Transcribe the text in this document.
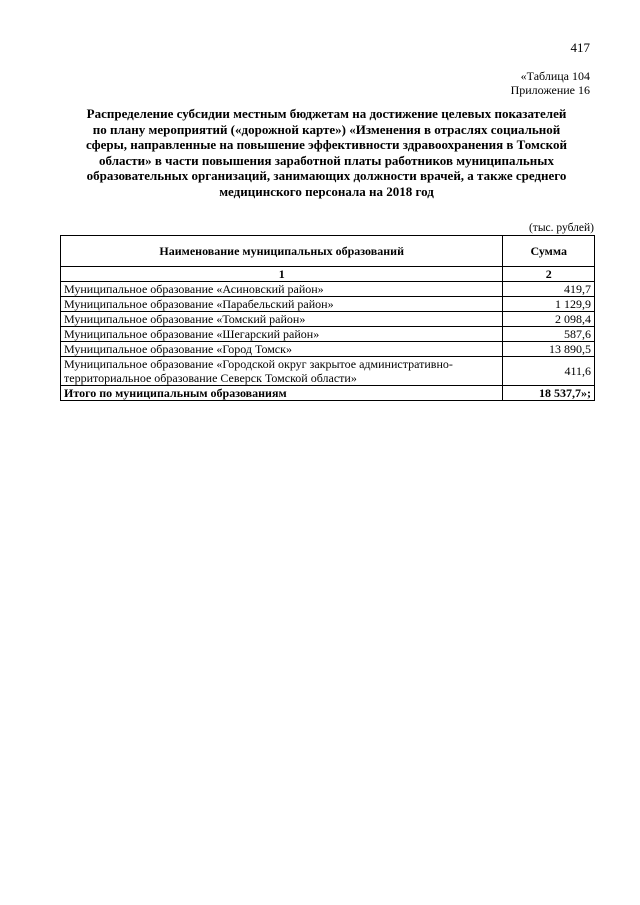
417
«Таблица 104
Приложение 16
Распределение субсидии местным бюджетам на достижение целевых показателей
по плану мероприятий («дорожной карте») «Изменения в отраслях социальной
сферы, направленные на повышение эффективности здравоохранения в Томской
области» в части повышения заработной платы работников муниципальных
образовательных организаций, занимающих должности врачей, а также среднего
медицинского персонала на 2018 год
(тыс. рублей)
Наименование муниципальных образований	Сумма
1	2
Муниципальное образование «Асиновский район»	419,7
Муниципальное образование «Парабельский район»	1 129,9
Муниципальное образование «Томский район»	2 098,4
Муниципальное образование «Шегарский район»	587,6
Муниципальное образование «Город Томск»	13 890,5
Муниципальное образование «Городской округ закрытое административно-территориальное образование Северск Томской области»	411,6
Итого по муниципальным образованиям	18 537,7»;
